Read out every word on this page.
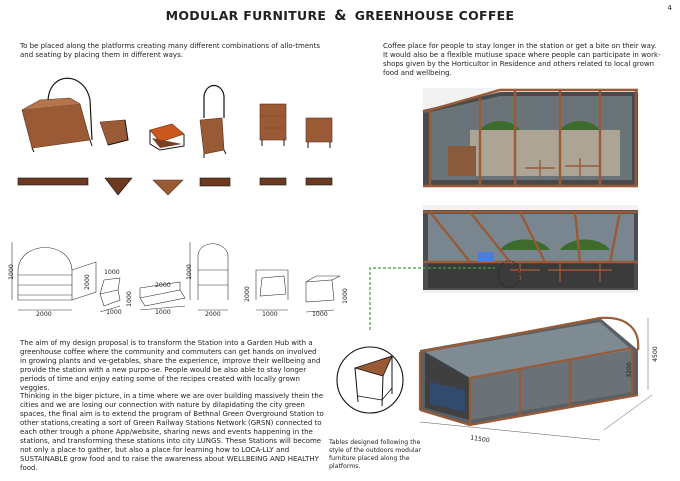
MODULAR FURNITURE & GREENHOUSE COFFEE	4
To be placed along the platforms creating many different combinations of allo-tments and seating by placing them in different ways.
Coffee place for people to stay longer in the station or get a bite on their way. It would also be a flexible mutiuse space where people can participate in work-shops given by the Horticultor in Residence and others related to local grown food and wellbeing.
2000
1000
2000
1000
1000
1000
1000
2000
2000
1000
1000
2000
1000
1000
The aim of my design proposal is to transform the Station into a Garden Hub with a greenhouse coffee where the community and commuters can get hands on involved in growing plants and ve-getables, share the experience, improve their wellbeing and provide the station with a new purpo-se. People would be also able to stay longer periods of time and enjoy eating some of the recipes created with locally grown veggies.
Thinking in the biger picture, in a time where we are over building massively thein the cities and we are losing our connection with nature by dilapidating the city green spaces, the final aim is to extend the program of Bethnal Green Overground Station to other stations,creating a sort of Green Railway Stations Network (GRSN) connected to each other trough a phone App/website, sharing news and events happening in the stations, and transforming these stations into city LUNGS. These Stations will become not only a place to gather, but also a place for learning how to LOCA-LLY and SUSTAINABLE grow food and to raise the awareness about WELLBEING AND HEALTHY food.
11500
4500
3200
Tables designed following the style of the outdoors modular furniture placed along the platforms.
